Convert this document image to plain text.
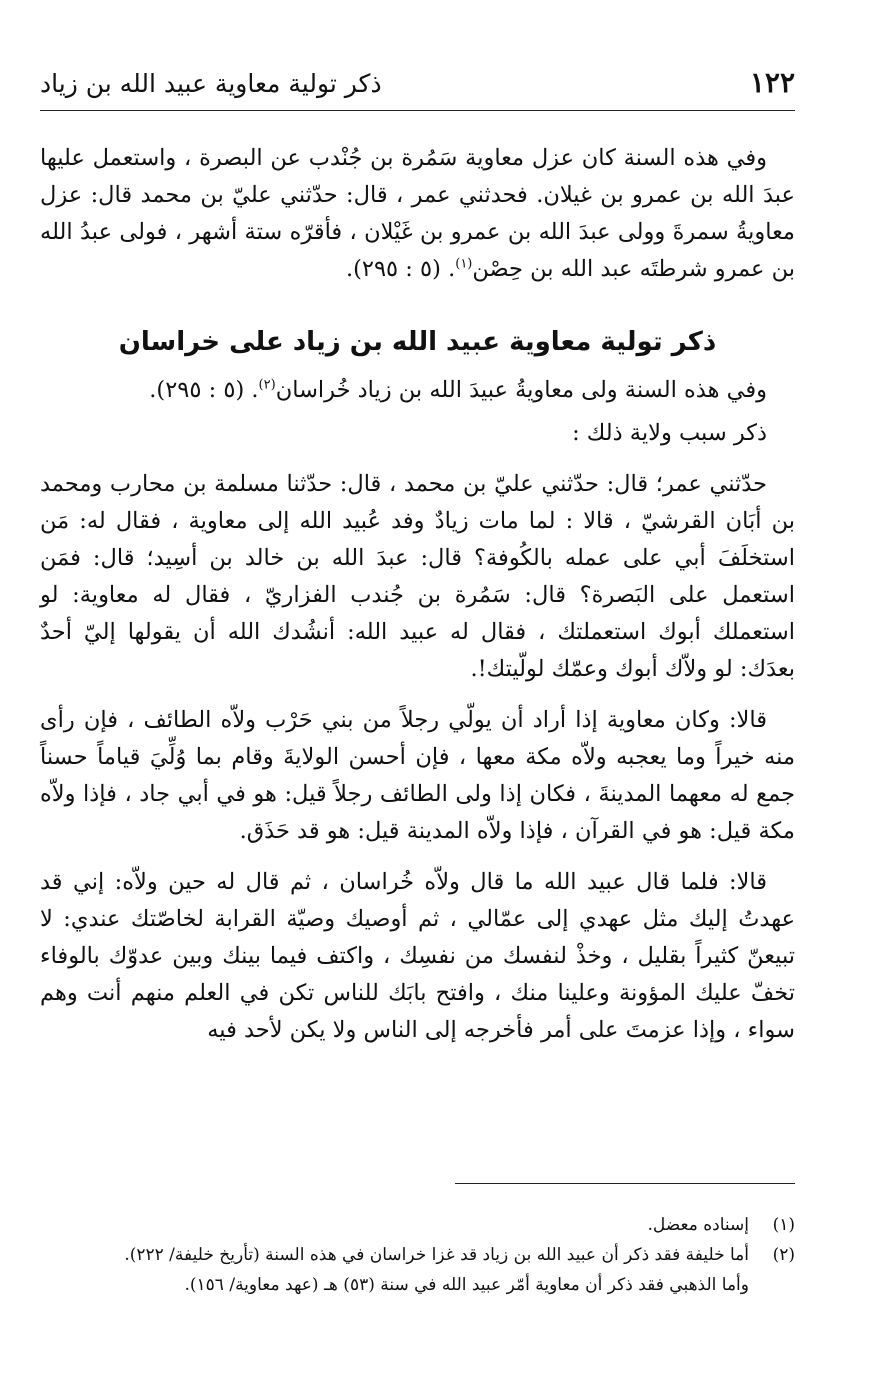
١٢٢
ذكر تولية معاوية عبيد الله بن زياد

وفي هذه السنة كان عزل معاوية سَمُرة بن جُنْدب عن البصرة ، واستعمل عليها عبدَ الله بن عمرو بن غيلان. فحدثني عمر ، قال: حدّثني عليّ بن محمد قال: عزل معاويةُ سمرةَ وولى عبدَ الله بن عمرو بن غَيْلان ، فأقرّه ستة أشهر ، فولى عبدُ الله بن عمرو شرطتَه عبد الله بن حِصْن$^{(١)}$. (٥ : ٢٩٥).

ذكر تولية معاوية عبيد الله بن زياد على خراسان

وفي هذه السنة ولى معاويةُ عبيدَ الله بن زياد خُراسان$^{(٢)}$. (٥ : ٢٩٥).

ذكر سبب ولاية ذلك :

حدّثني عمر؛ قال: حدّثني عليّ بن محمد ، قال: حدّثنا مسلمة بن محارب ومحمد بن أبَان القرشيّ ، قالا : لما مات زيادٌ وفد عُبيد الله إلى معاوية ، فقال له: مَن استخلَفَ أبي على عمله بالكُوفة؟ قال: عبدَ الله بن خالد بن أسِيد؛ قال: فمَن استعمل على البَصرة؟ قال: سَمُرة بن جُندب الفزاريّ ، فقال له معاوية: لو استعملك أبوك استعملتك ، فقال له عبيد الله: أنشُدك الله أن يقولها إليّ أحدٌ بعدَك: لو ولاّك أبوك وعمّك لولّيتك!.

قالا: وكان معاوية إذا أراد أن يولّي رجلاً من بني حَرْب ولاّه الطائف ، فإن رأى منه خيراً وما يعجبه ولاّه مكة معها ، فإن أحسن الولايةَ وقام بما وُلِّيَ قياماً حسناً جمع له معهما المدينةَ ، فكان إذا ولى الطائف رجلاً قيل: هو في أبي جاد ، فإذا ولاّه مكة قيل: هو في القرآن ، فإذا ولاّه المدينة قيل: هو قد حَذَق.

قالا: فلما قال عبيد الله ما قال ولاّه خُراسان ، ثم قال له حين ولاّه: إني قد عهدتُ إليك مثل عهدي إلى عمّالي ، ثم أوصيك وصيّة القرابة لخاصّتك عندي: لا تبيعنّ كثيراً بقليل ، وخذْ لنفسك من نفسِك ، واكتف فيما بينك وبين عدوّك بالوفاء تخفّ عليك المؤونة وعلينا منك ، وافتح بابَك للناس تكن في العلم منهم أنت وهم سواء ، وإذا عزمتَ على أمر فأخرجه إلى الناس ولا يكن لأحد فيه

(١)
إسناده معضل.
(٢)
أما خليفة فقد ذكر أن عبيد الله بن زياد قد غزا خراسان في هذه السنة (تأريخ خليفة/ ٢٢٢).
وأما الذهبي فقد ذكر أن معاوية أمّر عبيد الله في سنة (٥٣) هـ (عهد معاوية/ ١٥٦).
